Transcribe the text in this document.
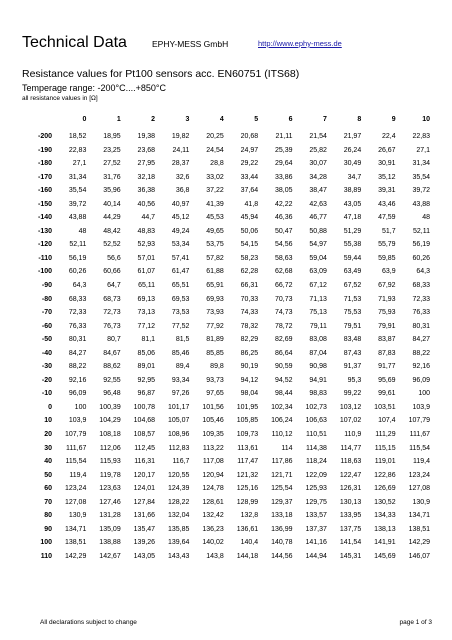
Technical Data	EPHY-MESS GmbH	http://www.ephy-mess.de
Resistance values for Pt100 sensors acc. EN60751 (ITS68)
Temperage range: -200°C....+850°C
all resistance values in [Ω]
	0	1	2	3	4	5	6	7	8	9	10

-200	18,52	18,95	19,38	19,82	20,25	20,68	21,11	21,54	21,97	22,4	22,83
-190	22,83	23,25	23,68	24,11	24,54	24,97	25,39	25,82	26,24	26,67	27,1
-180	27,1	27,52	27,95	28,37	28,8	29,22	29,64	30,07	30,49	30,91	31,34
-170	31,34	31,76	32,18	32,6	33,02	33,44	33,86	34,28	34,7	35,12	35,54
-160	35,54	35,96	36,38	36,8	37,22	37,64	38,05	38,47	38,89	39,31	39,72
-150	39,72	40,14	40,56	40,97	41,39	41,8	42,22	42,63	43,05	43,46	43,88
-140	43,88	44,29	44,7	45,12	45,53	45,94	46,36	46,77	47,18	47,59	48
-130	48	48,42	48,83	49,24	49,65	50,06	50,47	50,88	51,29	51,7	52,11
-120	52,11	52,52	52,93	53,34	53,75	54,15	54,56	54,97	55,38	55,79	56,19
-110	56,19	56,6	57,01	57,41	57,82	58,23	58,63	59,04	59,44	59,85	60,26
-100	60,26	60,66	61,07	61,47	61,88	62,28	62,68	63,09	63,49	63,9	64,3
-90	64,3	64,7	65,11	65,51	65,91	66,31	66,72	67,12	67,52	67,92	68,33
-80	68,33	68,73	69,13	69,53	69,93	70,33	70,73	71,13	71,53	71,93	72,33
-70	72,33	72,73	73,13	73,53	73,93	74,33	74,73	75,13	75,53	75,93	76,33
-60	76,33	76,73	77,12	77,52	77,92	78,32	78,72	79,11	79,51	79,91	80,31
-50	80,31	80,7	81,1	81,5	81,89	82,29	82,69	83,08	83,48	83,87	84,27
-40	84,27	84,67	85,06	85,46	85,85	86,25	86,64	87,04	87,43	87,83	88,22
-30	88,22	88,62	89,01	89,4	89,8	90,19	90,59	90,98	91,37	91,77	92,16
-20	92,16	92,55	92,95	93,34	93,73	94,12	94,52	94,91	95,3	95,69	96,09
-10	96,09	96,48	96,87	97,26	97,65	98,04	98,44	98,83	99,22	99,61	100
0	100	100,39	100,78	101,17	101,56	101,95	102,34	102,73	103,12	103,51	103,9
10	103,9	104,29	104,68	105,07	105,46	105,85	106,24	106,63	107,02	107,4	107,79
20	107,79	108,18	108,57	108,96	109,35	109,73	110,12	110,51	110,9	111,29	111,67
30	111,67	112,06	112,45	112,83	113,22	113,61	114	114,38	114,77	115,15	115,54
40	115,54	115,93	116,31	116,7	117,08	117,47	117,86	118,24	118,63	119,01	119,4
50	119,4	119,78	120,17	120,55	120,94	121,32	121,71	122,09	122,47	122,86	123,24
60	123,24	123,63	124,01	124,39	124,78	125,16	125,54	125,93	126,31	126,69	127,08
70	127,08	127,46	127,84	128,22	128,61	128,99	129,37	129,75	130,13	130,52	130,9
80	130,9	131,28	131,66	132,04	132,42	132,8	133,18	133,57	133,95	134,33	134,71
90	134,71	135,09	135,47	135,85	136,23	136,61	136,99	137,37	137,75	138,13	138,51
100	138,51	138,88	139,26	139,64	140,02	140,4	140,78	141,16	141,54	141,91	142,29
110	142,29	142,67	143,05	143,43	143,8	144,18	144,56	144,94	145,31	145,69	146,07
All declarations subject to change	page 1 of 3
